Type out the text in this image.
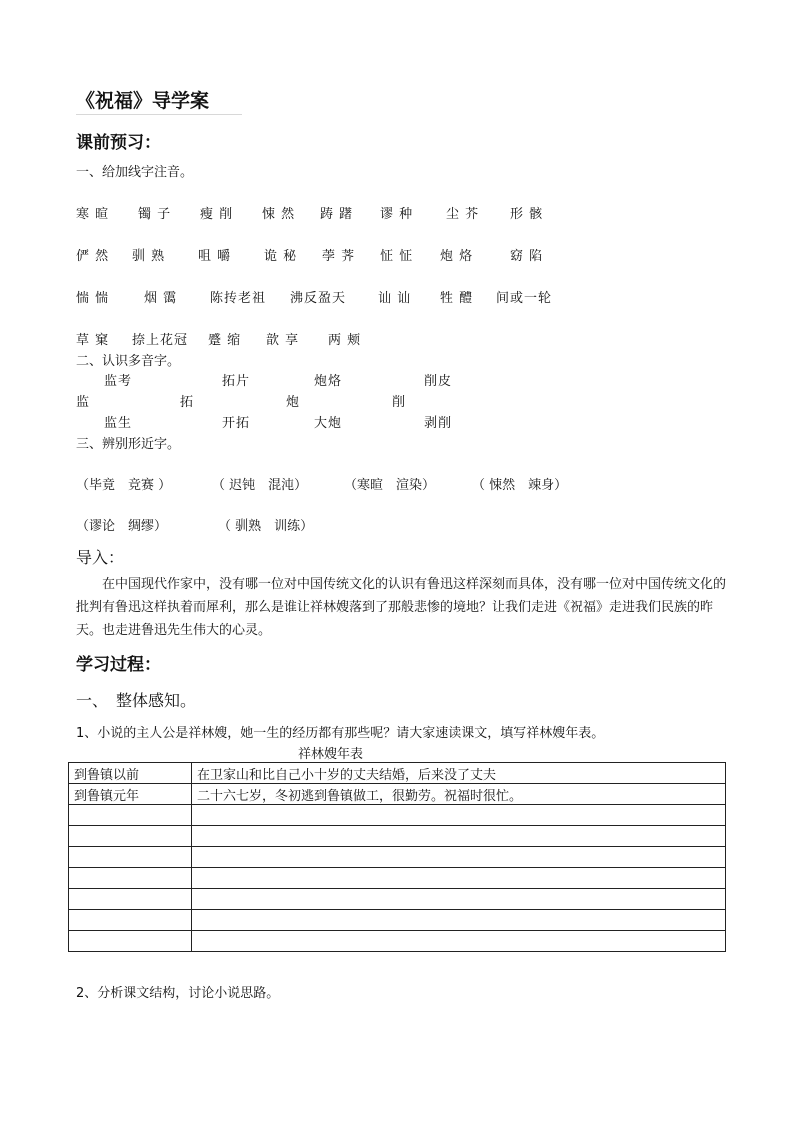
《祝福》导学案
课前预习：
一、给加线字注音。
寒 暄 镯 子 瘦 削 悚 然 踌 躇 谬 种	尘 芥 形 骸
俨 然 驯 熟	咀 嚼	诡 秘 荸 荠 怔 怔 炮 烙	窈 陷
惴 惴	烟 霭	陈抟老祖 沸反盈天 讪 讪 牲 醴 间或一轮
草 窠 捺上花冠 蹙 缩 歆 享 两 颊
二、认识多音字。
监考	拓片	炮烙	削皮
监	拓	炮	削
监生	开拓	大炮	剥削
三、辨别形近字。
（毕竟　竞赛 ）	（ 迟钝　混沌）	（寒暄　渲染）	（ 悚然　竦身）
（谬论　绸缪）	（ 驯熟　训练）
导入：
在中国现代作家中，没有哪一位对中国传统文化的认识有鲁迅这样深刻而具体，没有哪一位对中国传统文化的批判有鲁迅这样执着而犀利，那么是谁让祥林嫂落到了那般悲惨的境地？让我们走进《祝福》走进我们民族的昨天。也走进鲁迅先生伟大的心灵。
学习过程：
一、　整体感知。
1、小说的主人公是祥林嫂，她一生的经历都有那些呢？请大家速读课文，填写祥林嫂年表。
祥林嫂年表
到鲁镇以前	在卫家山和比自己小十岁的丈夫结婚，后来没了丈夫
到鲁镇元年	二十六七岁，冬初逃到鲁镇做工，很勤劳。祝福时很忙。

2、分析课文结构，讨论小说思路。
